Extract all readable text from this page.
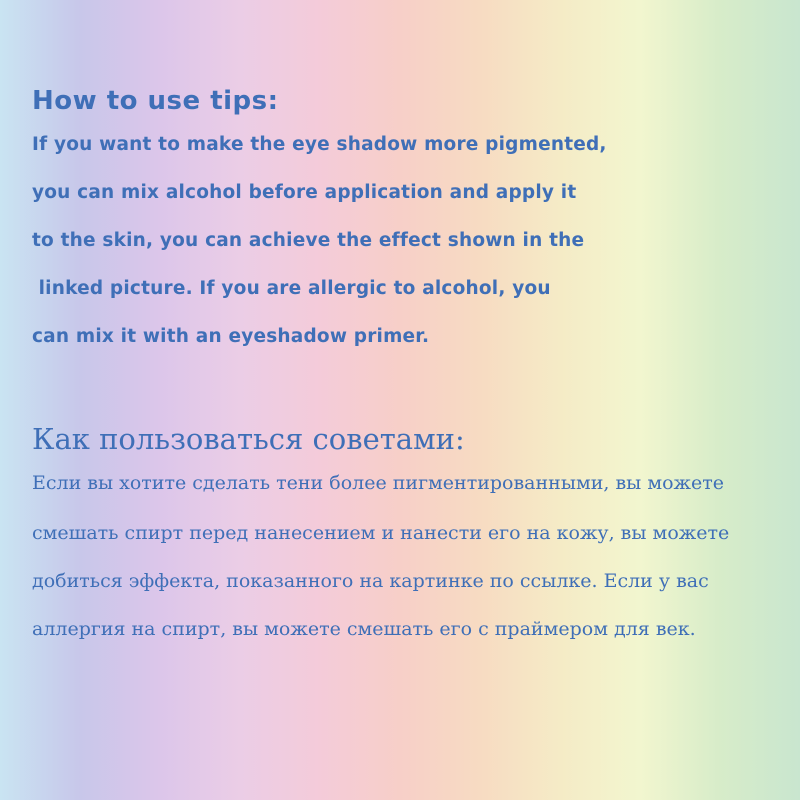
How to use tips:
If you want to make the eye shadow more pigmented,
you can mix alcohol before application and apply it
to the skin, you can achieve the effect shown in the
linked picture. If you are allergic to alcohol, you
can mix it with an eyeshadow primer.
Как пользоваться советами:
Если вы хотите сделать тени более пигментированными, вы можете
смешать спирт перед нанесением и нанести его на кожу, вы можете
добиться эффекта, показанного на картинке по ссылке. Если у вас
аллергия на спирт, вы можете смешать его с праймером для век.
